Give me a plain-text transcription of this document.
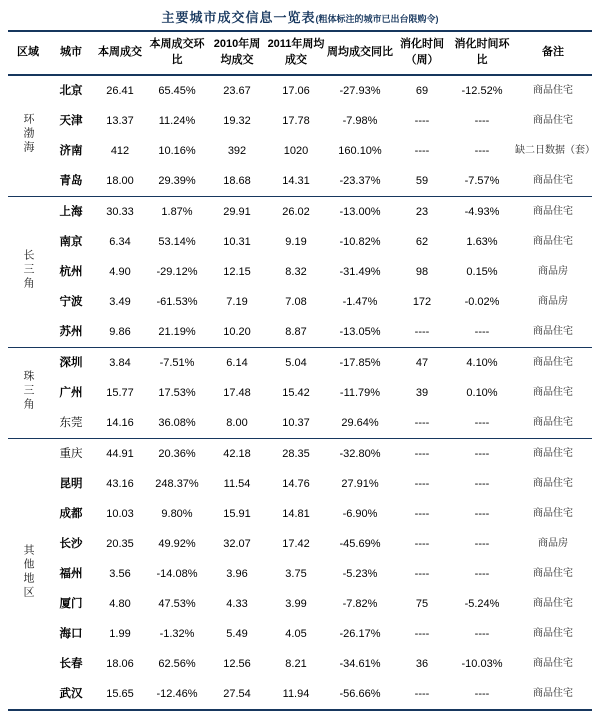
主要城市成交信息一览表(粗体标注的城市已出台限购令)
区域	城市	本周成交	本周成交环比	2010年周均成交	2011年周均成交	周均成交同比	消化时间（周）	消化时间环比	备注
环渤海	北京	26.41	65.45%	23.67	17.06	-27.93%	69	-12.52%	商品住宅
	天津	13.37	11.24%	19.32	17.78	-7.98%	----	----	商品住宅
	济南	412	10.16%	392	1020	160.10%	----	----	缺二日数据（套）
	青岛	18.00	29.39%	18.68	14.31	-23.37%	59	-7.57%	商品住宅
长三角	上海	30.33	1.87%	29.91	26.02	-13.00%	23	-4.93%	商品住宅
	南京	6.34	53.14%	10.31	9.19	-10.82%	62	1.63%	商品住宅
	杭州	4.90	-29.12%	12.15	8.32	-31.49%	98	0.15%	商品房
	宁波	3.49	-61.53%	7.19	7.08	-1.47%	172	-0.02%	商品房
	苏州	9.86	21.19%	10.20	8.87	-13.05%	----	----	商品住宅
珠三角	深圳	3.84	-7.51%	6.14	5.04	-17.85%	47	4.10%	商品住宅
	广州	15.77	17.53%	17.48	15.42	-11.79%	39	0.10%	商品住宅
	东莞	14.16	36.08%	8.00	10.37	29.64%	----	----	商品住宅
其他地区	重庆	44.91	20.36%	42.18	28.35	-32.80%	----	----	商品住宅
	昆明	43.16	248.37%	11.54	14.76	27.91%	----	----	商品住宅
	成都	10.03	9.80%	15.91	14.81	-6.90%	----	----	商品住宅
	长沙	20.35	49.92%	32.07	17.42	-45.69%	----	----	商品房
	福州	3.56	-14.08%	3.96	3.75	-5.23%	----	----	商品住宅
	厦门	4.80	47.53%	4.33	3.99	-7.82%	75	-5.24%	商品住宅
	海口	1.99	-1.32%	5.49	4.05	-26.17%	----	----	商品住宅
	长春	18.06	62.56%	12.56	8.21	-34.61%	36	-10.03%	商品住宅
	武汉	15.65	-12.46%	27.54	11.94	-56.66%	----	----	商品住宅
